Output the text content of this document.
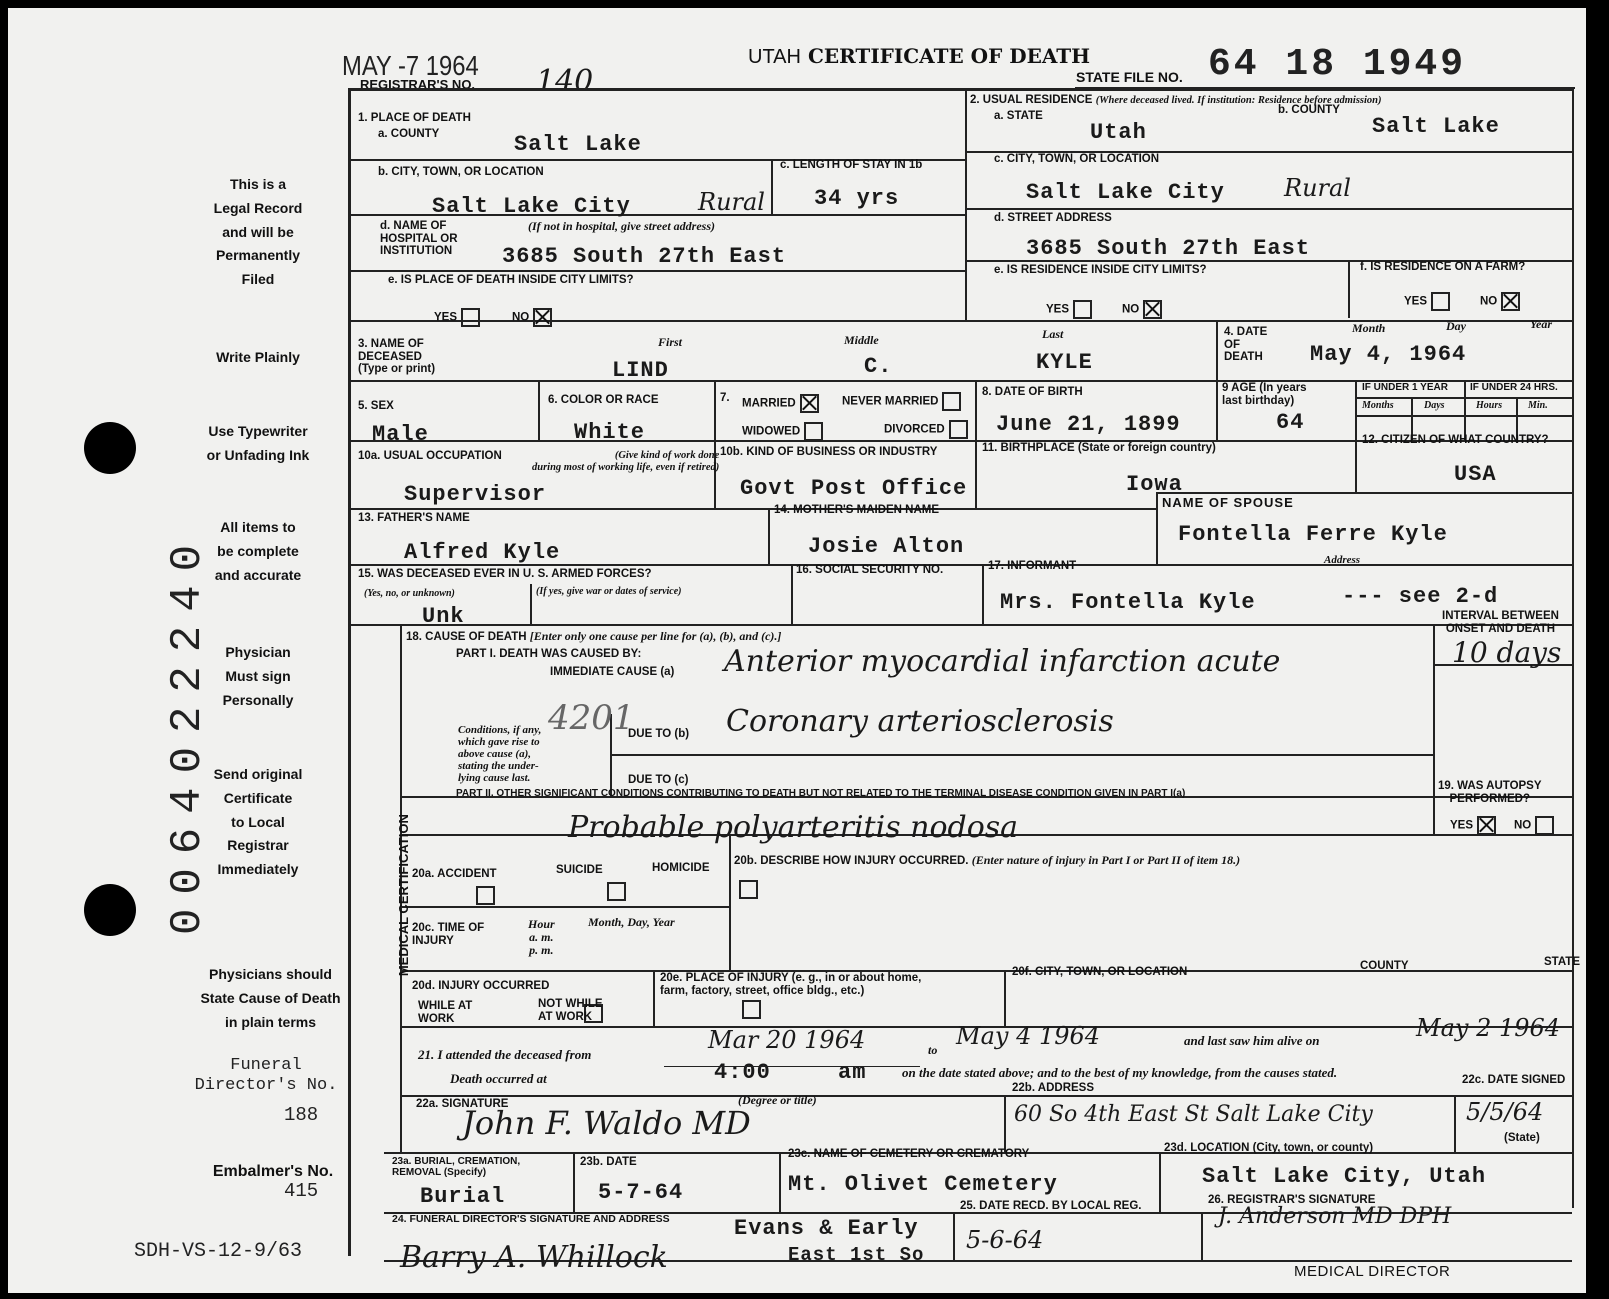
0064022240
MAY -7 1964
REGISTRAR'S NO. 140
UTAH CERTIFICATE OF DEATH
STATE FILE NO. 64 18 1949
This is a
Legal Record
and will be
Permanently
Filed
Write Plainly
Use Typewriter
or Unfading Ink
All items to
be complete
and accurate
Physician
Must sign
Personally
Send original
Certificate
to Local
Registrar
Immediately
Physicians should
State Cause of Death
in plain terms
Funeral
Director's No.
188
Embalmer's No.
415
SDH-VS-12-9/63
1. PLACE OF DEATH
a. COUNTY	Salt Lake
b. CITY, TOWN, OR LOCATION
Salt Lake City	Rural
c. LENGTH OF STAY IN 1b
34 yrs
d. NAME OF
HOSPITAL OR
INSTITUTION
(If not in hospital, give street address)
3685 South 27th East
e. IS PLACE OF DEATH INSIDE CITY LIMITS?
YES	NO
2. USUAL RESIDENCE (Where deceased lived. If institution: Residence before admission)
a. STATE
Utah
b. COUNTY
Salt Lake
c. CITY, TOWN, OR LOCATION
Salt Lake City Rural
d. STREET ADDRESS
3685 South 27th East
e. IS RESIDENCE INSIDE CITY LIMITS?
YES	NO
f. IS RESIDENCE ON A FARM?
YES	NO
3. NAME OF
DECEASED
(Type or print)
First	Middle	Last
LIND	C.	KYLE
4. DATE
OF
DEATH
Month	Day	Year
May 4, 1964
5. SEX
Male
6. COLOR OR RACE
White
7. MARRIED	NEVER MARRIED
WIDOWED	DIVORCED
8. DATE OF BIRTH
June 21, 1899
9 AGE (In years
last birthday)
64
IF UNDER 1 YEAR IF UNDER 24 HRS.
Months	Days	Hours	Min.
10a. USUAL OCCUPATION	(Give kind of work done
during most of working life, even if retired)
Supervisor
10b. KIND OF BUSINESS OR INDUSTRY
Govt Post Office
11. BIRTHPLACE (State or foreign country)
Iowa
12. CITIZEN OF WHAT COUNTRY?
USA
13. FATHER'S NAME
Alfred Kyle
14. MOTHER'S MAIDEN NAME
Josie Alton
NAME OF SPOUSE
Fontella Ferre Kyle
15. WAS DECEASED EVER IN U. S. ARMED FORCES?
(Yes, no, or unknown)	(If yes, give war or dates of service)
Unk
16. SOCIAL SECURITY NO.	17. INFORMANT	Address
Mrs. Fontella Kyle	--- see 2-d
MEDICAL CERTIFICATION
18. CAUSE OF DEATH [Enter only one cause per line for (a), (b), and (c).]
PART I. DEATH WAS CAUSED BY:
IMMEDIATE CAUSE (a) Anterior myocardial infarction acute
INTERVAL BETWEEN
ONSET AND DEATH
10 days
4201
Conditions, if any,
which gave rise to
above cause (a),
stating the under-
lying cause last.
DUE TO (b) Coronary arteriosclerosis
DUE TO (c)
PART II. OTHER SIGNIFICANT CONDITIONS CONTRIBUTING TO DEATH BUT NOT RELATED TO THE TERMINAL DISEASE CONDITION GIVEN IN PART I(a)
Probable polyarteritis nodosa
19. WAS AUTOPSY
PERFORMED?
YES	NO
20a. ACCIDENT
	SUICIDE
	HOMICIDE

20b. DESCRIBE HOW INJURY OCCURRED. (Enter nature of injury in Part I or Part II of item 18.)
20c. TIME OF
INJURY
Hour
a. m.
p. m.
Month, Day, Year
20d. INJURY OCCURRED
WHILE AT
WORK

NOT WHILE
AT WORK
20e. PLACE OF INJURY (e. g., in or about home,
farm, factory, street, office bldg., etc.)
20f. CITY, TOWN, OR LOCATION	COUNTY	STATE
21. I attended the deceased from
Mar 20 1964	to May 4 1964	and last saw him alive on	May 2 1964
Death occurred at	4:00	am	on the date stated above; and to the best of my knowledge, from the causes stated.
22a. SIGNATURE	(Degree or title)
John F. Waldo MD
22b. ADDRESS
60 So 4th East St Salt Lake City
22c. DATE SIGNED
5/5/64
23a. BURIAL, CREMATION,
REMOVAL (Specify)
Burial
23b. DATE
5-7-64
23c. NAME OF CEMETERY OR CREMATORY
Mt. Olivet Cemetery
23d. LOCATION (City, town, or county)
(State)
Salt Lake City, Utah
24. FUNERAL DIRECTOR'S SIGNATURE AND ADDRESS
Barry A. Whillock
Evans & Early
East 1st So
25. DATE RECD. BY LOCAL REG.
5-6-64
26. REGISTRAR'S SIGNATURE
J. Anderson MD DPH
MEDICAL DIRECTOR
